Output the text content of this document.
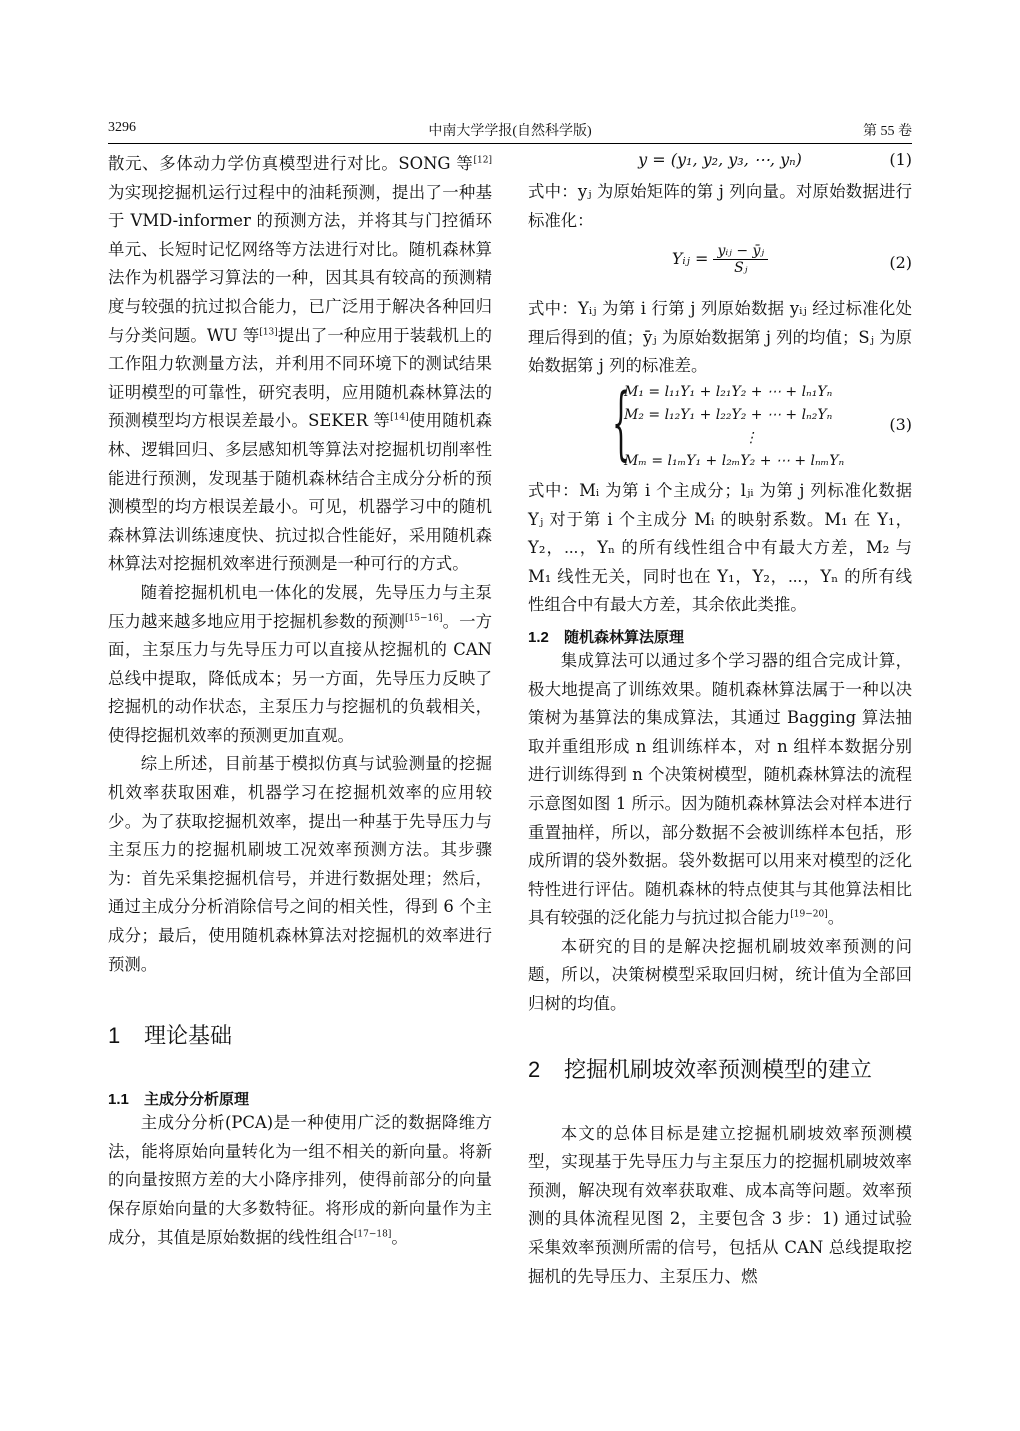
3296	中南大学学报(自然科学版)	第 55 卷

散元、多体动力学仿真模型进行对比。SONG 等[12]为实现挖掘机运行过程中的油耗预测，提出了一种基于 VMD-informer 的预测方法，并将其与门控循环单元、长短时记忆网络等方法进行对比。随机森林算法作为机器学习算法的一种，因其具有较高的预测精度与较强的抗过拟合能力，已广泛用于解决各种回归与分类问题。WU 等[13]提出了一种应用于装载机上的工作阻力软测量方法，并利用不同环境下的测试结果证明模型的可靠性，研究表明，应用随机森林算法的预测模型均方根误差最小。SEKER 等[14]使用随机森林、逻辑回归、多层感知机等算法对挖掘机切削率性能进行预测，发现基于随机森林结合主成分分析的预测模型的均方根误差最小。可见，机器学习中的随机森林算法训练速度快、抗过拟合性能好，采用随机森林算法对挖掘机效率进行预测是一种可行的方式。

随着挖掘机机电一体化的发展，先导压力与主泵压力越来越多地应用于挖掘机参数的预测[15−16]。一方面，主泵压力与先导压力可以直接从挖掘机的 CAN 总线中提取，降低成本；另一方面，先导压力反映了挖掘机的动作状态，主泵压力与挖掘机的负载相关，使得挖掘机效率的预测更加直观。

综上所述，目前基于模拟仿真与试验测量的挖掘机效率获取困难，机器学习在挖掘机效率的应用较少。为了获取挖掘机效率，提出一种基于先导压力与主泵压力的挖掘机刷坡工况效率预测方法。其步骤为：首先采集挖掘机信号，并进行数据处理；然后，通过主成分分析消除信号之间的相关性，得到 6 个主成分；最后，使用随机森林算法对挖掘机的效率进行预测。

1 理论基础
1.1 主成分分析原理

主成分分析(PCA)是一种使用广泛的数据降维方法，能将原始向量转化为一组不相关的新向量。将新的向量按照方差的大小降序排列，使得前部分的向量保存原始向量的大多数特征。将形成的新向量作为主成分，其值是原始数据的线性组合[17−18]。

y = (y₁, y₂, y₃, ⋯, yₙ)	(1)

式中：yⱼ 为原始矩阵的第 j 列向量。对原始数据进行标准化：

Yᵢⱼ = $\frac{\text{yᵢⱼ − ȳⱼ}}{\text{Sⱼ}}$	(2)

式中：Yᵢⱼ 为第 i 行第 j 列原始数据 yᵢⱼ 经过标准化处理后得到的值；ȳⱼ 为原始数据第 j 列的均值；Sⱼ 为原始数据第 j 列的标准差。

{
M₁ = l₁₁Y₁ + l₂₁Y₂ + ⋯ + lₙ₁Yₙ
M₂ = l₁₂Y₁ + l₂₂Y₂ + ⋯ + lₙ₂Yₙ
⋮
Mₘ = l₁ₘY₁ + l₂ₘY₂ + ⋯ + lₙₘYₙ
(3)

式中：Mᵢ 为第 i 个主成分；lⱼᵢ 为第 j 列标准化数据 Yⱼ 对于第 i 个主成分 Mᵢ 的映射系数。M₁ 在 Y₁，Y₂，⋯，Yₙ 的所有线性组合中有最大方差，M₂ 与 M₁ 线性无关，同时也在 Y₁，Y₂，⋯，Yₙ 的所有线性组合中有最大方差，其余依此类推。

1.2 随机森林算法原理

集成算法可以通过多个学习器的组合完成计算，极大地提高了训练效果。随机森林算法属于一种以决策树为基算法的集成算法，其通过 Bagging 算法抽取并重组形成 n 组训练样本，对 n 组样本数据分别进行训练得到 n 个决策树模型，随机森林算法的流程示意图如图 1 所示。因为随机森林算法会对样本进行重置抽样，所以，部分数据不会被训练样本包括，形成所谓的袋外数据。袋外数据可以用来对模型的泛化特性进行评估。随机森林的特点使其与其他算法相比具有较强的泛化能力与抗过拟合能力[19−20]。

本研究的目的是解决挖掘机刷坡效率预测的问题，所以，决策树模型采取回归树，统计值为全部回归树的均值。

2 挖掘机刷坡效率预测模型的建立

本文的总体目标是建立挖掘机刷坡效率预测模型，实现基于先导压力与主泵压力的挖掘机刷坡效率预测，解决现有效率获取难、成本高等问题。效率预测的具体流程见图 2，主要包含 3 步：1) 通过试验采集效率预测所需的信号，包括从 CAN 总线提取挖掘机的先导压力、主泵压力、燃
